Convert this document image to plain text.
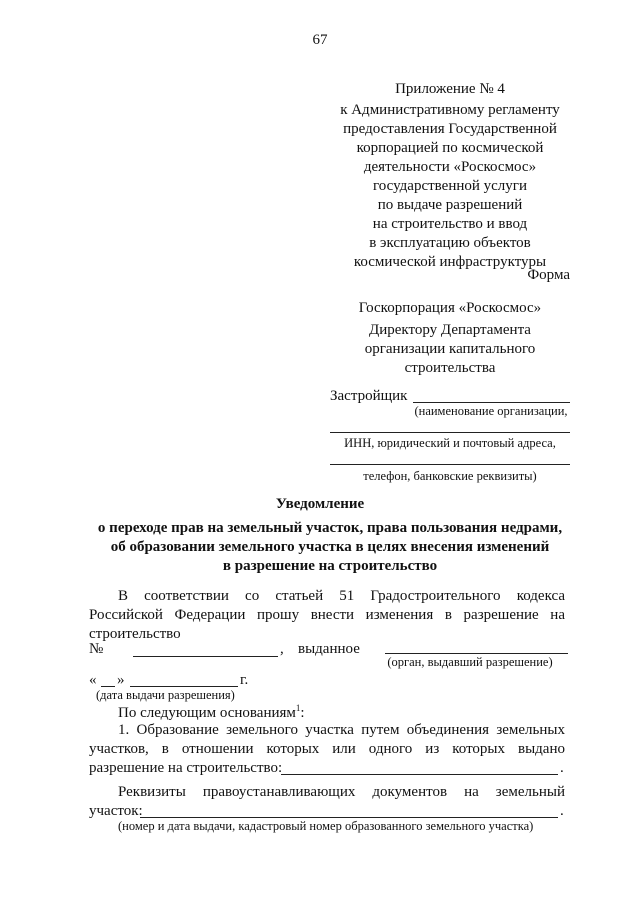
67
Приложение № 4
к Административному регламенту
предоставления Государственной
корпорацией по космической
деятельности «Роскосмос»
государственной услуги
по выдаче разрешений
на строительство и ввод
в эксплуатацию объектов
космической инфраструктуры
Форма
Госкорпорация «Роскосмос»
Директору Департамента
организации капитального
строительства
Застройщик
(наименование организации,
ИНН, юридический и почтовый адреса,
телефон, банковские реквизиты)
Уведомление
о переходе прав на земельный участок, права пользования недрами,
об образовании земельного участка в целях внесения изменений
в разрешение на строительство
В соответствии со статьей 51 Градостроительного кодекса
Российской Федерации прошу внести изменения в разрешение на
строительство
№	, выданное
(орган, выдавший разрешение)
« »	г.
(дата выдачи разрешения)
По следующим основаниям$^1$:
1. Образование земельного участка путем объединения земельных
участков, в отношении которых или одного из которых выдано
разрешение на строительство:	.
Реквизиты правоустанавливающих документов на земельный
участок:	.
(номер и дата выдачи, кадастровый номер образованного земельного участка)
